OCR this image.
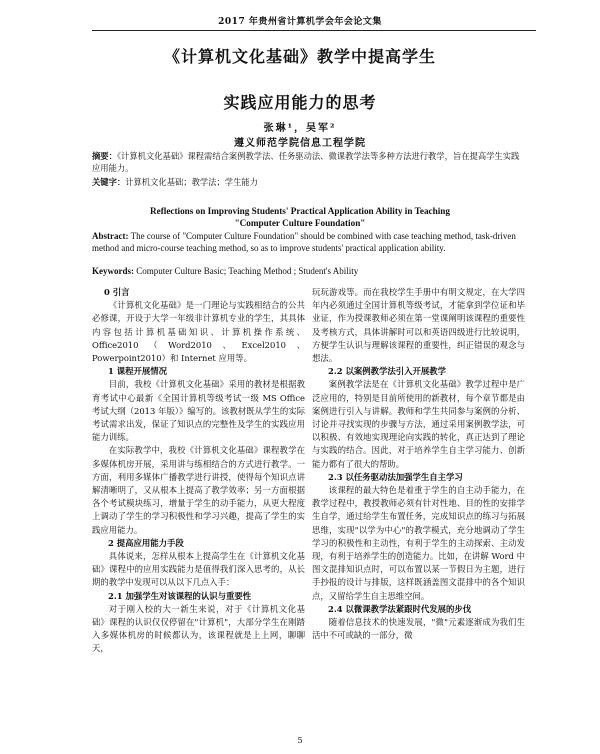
2017 年贵州省计算机学会年会论文集
《计算机文化基础》教学中提高学生
实践应用能力的思考
张琳¹，吴军²
遵义师范学院信息工程学院
摘要：《计算机文化基础》课程需结合案例教学法、任务驱动法、微课教学法等多种方法进行教学，旨在提高学生实践应用能力。
关键字：计算机文化基础；教学法；学生能力
Reflections on Improving Students' Practical Application Ability in Teaching
"Computer Culture Foundation"
Abstract: The course of "Computer Culture Foundation" should be combined with case teaching method, task-driven method and micro-course teaching method, so as to improve students' practical application ability.
Keywords: Computer Culture Basic; Teaching Method ; Student's Ability
0 引言

《计算机文化基础》是一门理论与实践相结合的公共必修课，开设于大学一年级非计算机专业的学生，其具体内容包括计算机基础知识、计算机操作系统、Office2010（Word2010、Excel2010、Powerpoint2010）和 Internet 应用等。

1 课程开展情况

目前，我校《计算机文化基础》采用的教材是根据教育考试中心最新《全国计算机等级考试一级 MS Office 考试大纲（2013 年版）》编写的。该教材既从学生的实际考试需求出发，保证了知识点的完整性及学生的实践应用能力训练。

在实际教学中，我校《计算机文化基础》课程教学在多媒体机房开展，采用讲与练相结合的方式进行教学。一方面，利用多媒体广播教学进行讲授，使得每个知识点讲解清晰明了，又从根本上提高了教学效率；另一方面根据各个考试模块练习，增量于学生的动手能力，从更大程度上调动了学生的学习积极性和学习兴趣，提高了学生的实践应用能力。

2 提高应用能力手段

具体说来，怎样从根本上提高学生在《计算机文化基础》课程中的应用实践能力是值得我们深入思考的，从长期的教学中发现可以从以下几点入手：

2.1 加强学生对该课程的认识与重要性

对于刚入校的大一新生来说，对于《计算机文化基础》课程的认识仅仅停留在"计算机"，大部分学生在刚踏入多媒体机房的时候都认为，该课程就是上上网，聊聊天，

玩玩游戏等。而在我校学生手册中有明文规定，在大学四年内必须通过全国计算机等级考试，才能拿到学位证和毕业证，作为授课教师必须在第一堂课阐明该课程的重要性及考核方式，具体讲解时可以和英语四级进行比较说明，方便学生认识与理解该课程的重要性，纠正错误的观念与想法。

2.2 以案例教学法引入开展教学

案例教学法是在《计算机文化基础》教学过程中是广泛应用的，特别是目前所使用的新教材，每个章节都是由案例进行引入与讲解。教师和学生共同参与案例的分析、讨论并寻找实现的步骤与方法，通过采用案例教学法，可以积极、有效地实现理论向实践的转化，真正达到了理论与实践的结合。因此，对于培养学生自主学习能力、创新能力都有了很大的帮助。

2.3 以任务驱动法加强学生自主学习

该课程的最大特色是着重于学生的自主动手能力，在教学过程中，教授教师必须有针对性地、目的性的安排学生自学，通过给学生布置任务，完成知识点的练习与拓展思维，实现"以学为中心"的教学模式，充分地调动了学生学习的积极性和主动性，有利于学生的主动探索、主动发现，有利于培养学生的创造能力。比如，在讲解 Word 中图文混排知识点时，可以布置以某一节假日为主题，进行手抄报的设计与排版，这样既涵盖图文混排中的各个知识点，又留给学生自主思维空间。

2.4 以微课教学法紧跟时代发展的步伐

随着信息技术的快速发展，"微"元素逐渐成为我们生活中不可或缺的一部分，微

5
